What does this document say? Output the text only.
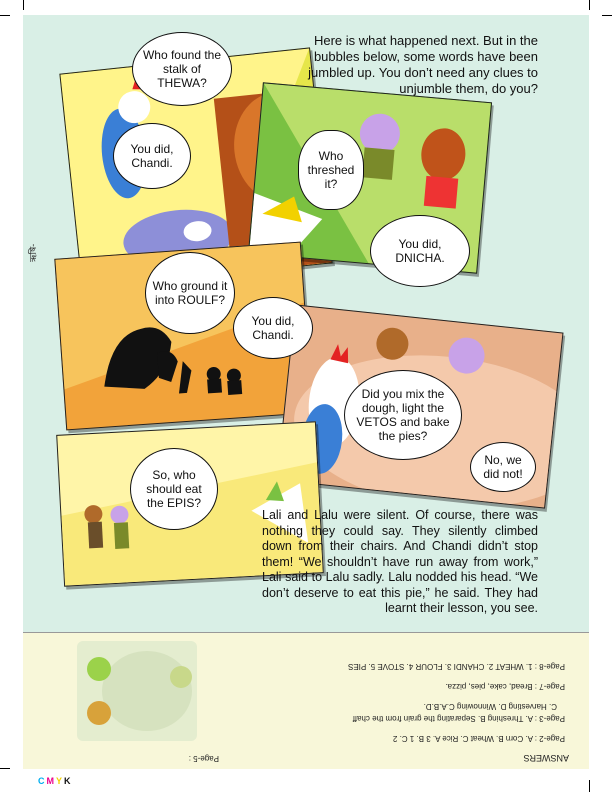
Here is what happened next. But in the bubbles below, some words have been jumbled up. You don’t need any clues to unjumble them, do you?
Who found the stalk of THEWA?
You did, Chandi.	Who threshed it?
You did, DNICHA.
Who ground it into ROULF?
You did, Chandi.
Did you mix the dough, light the VETOS and bake the pies?
No, we did not!
So, who should eat the EPIS?
ऋषि-
Lali and Lalu were silent. Of course, there was nothing they could say. They silently climbed down from their chairs. And Chandi didn’t stop them! “We shouldn’t have run away from work,” Lali said to Lalu sadly. Lalu nodded his head. “We don’t deserve to eat this pie,” he said. They had learnt their lesson, you see.
ANSWERS
Page-5 :
Page-2 : A. Corn B. Wheat C. Rice A. 3 B. 1 C. 2
Page-3 : A. Threshing B. Separating the grain from the chaff
C. Harvesting D. Winnowing C.A.B.D.
Page-7 : Bread, cake, pies, pizza.
Page-8 : 1. WHEAT 2. CHANDI 3. FLOUR 4. STOVE 5. PIES
CMYK
